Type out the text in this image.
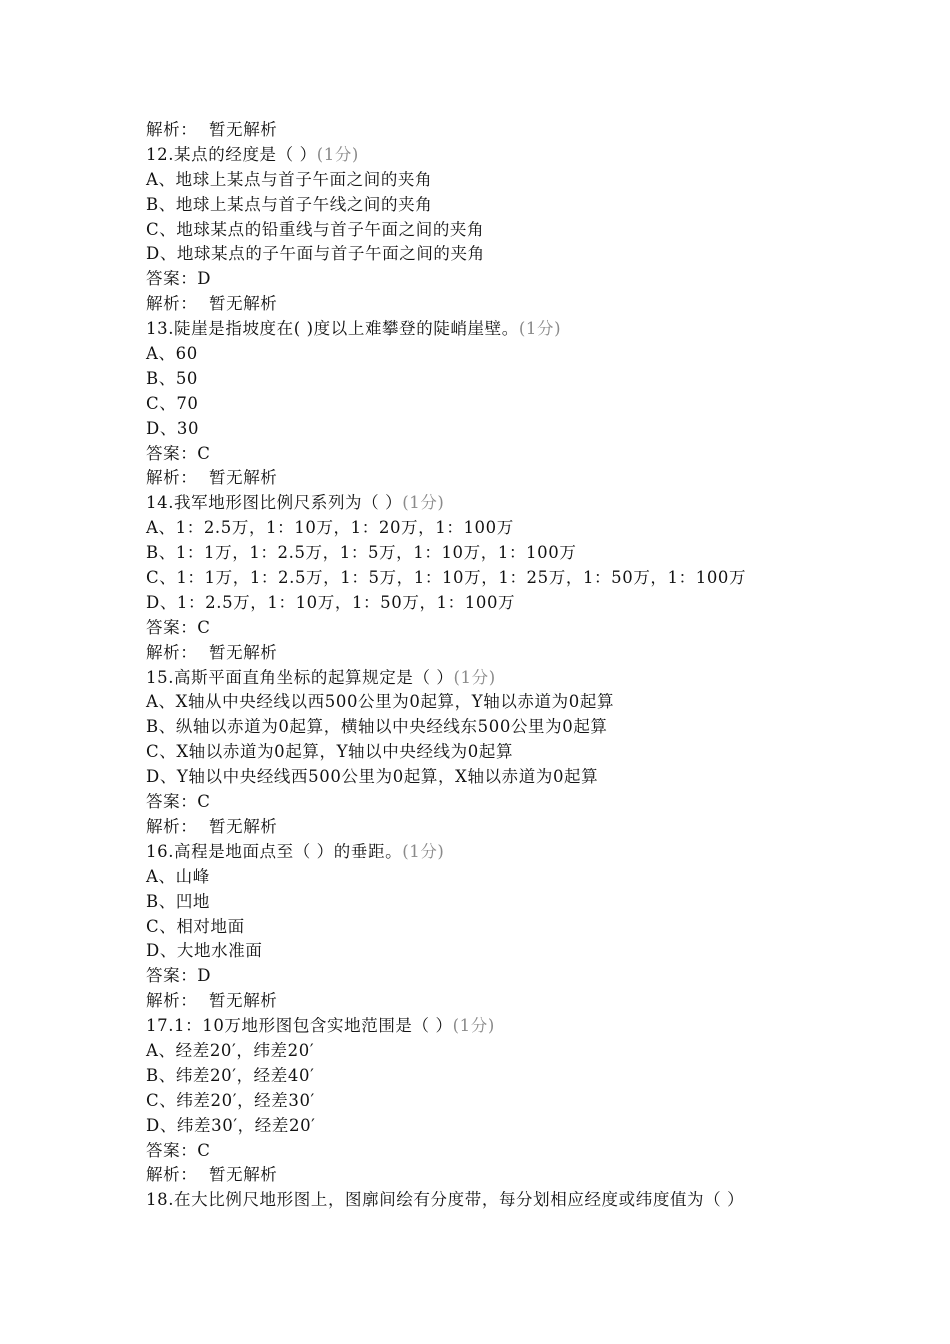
解析：  暂无解析
12.某点的经度是（ ）(1分)
A、地球上某点与首子午面之间的夹角
B、地球上某点与首子午线之间的夹角
C、地球某点的铅重线与首子午面之间的夹角
D、地球某点的子午面与首子午面之间的夹角
答案：D
解析：  暂无解析
13.陡崖是指坡度在( )度以上难攀登的陡峭崖壁。(1分)
A、60
B、50
C、70
D、30
答案：C
解析：  暂无解析
14.我军地形图比例尺系列为（ ）(1分)
A、1：2.5万，1：10万，1：20万，1：100万
B、1：1万，1：2.5万，1：5万，1：10万，1：100万
C、1：1万，1：2.5万，1：5万，1：10万，1：25万，1：50万，1：100万
D、1：2.5万，1：10万，1：50万，1：100万
答案：C
解析：  暂无解析
15.高斯平面直角坐标的起算规定是（ ）(1分)
A、X轴从中央经线以西500公里为0起算，Y轴以赤道为0起算
B、纵轴以赤道为0起算，横轴以中央经线东500公里为0起算
C、X轴以赤道为0起算，Y轴以中央经线为0起算
D、Y轴以中央经线西500公里为0起算，X轴以赤道为0起算
答案：C
解析：  暂无解析
16.高程是地面点至（ ）的垂距。(1分)
A、山峰
B、凹地
C、相对地面
D、大地水准面
答案：D
解析：  暂无解析
17.1：10万地形图包含实地范围是（ ）(1分)
A、经差20′，纬差20′
B、纬差20′，经差40′
C、纬差20′，经差30′
D、纬差30′，经差20′
答案：C
解析：  暂无解析
18.在大比例尺地形图上，图廓间绘有分度带，每分划相应经度或纬度值为（ ）
